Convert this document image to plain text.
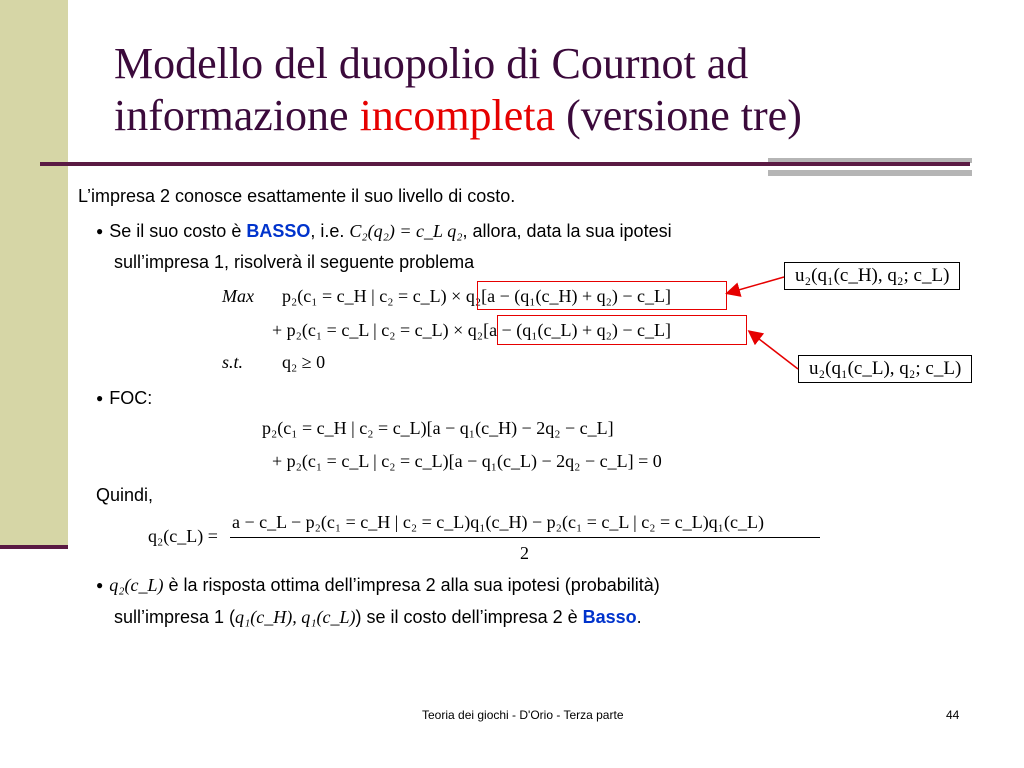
Modello del duopolio di Cournot ad
informazione incompleta (versione tre)
L’impresa 2 conosce esattamente il suo livello di costo.
● Se il suo costo è BASSO, i.e. C₂(q₂) = c_L q₂, allora, data la sua ipotesi
sull’impresa 1, risolverà il seguente problema
Max p₂(c₁ = c_H | c₂ = c_L) × q₂[a − (q₁(c_H) + q₂) − c_L]
+ p₂(c₁ = c_L | c₂ = c_L) × q₂[a − (q₁(c_L) + q₂) − c_L]
s.t. q₂ ≥ 0
u₂(q₁(c_H), q₂; c_L)
u₂(q₁(c_L), q₂; c_L)
● FOC:
p₂(c₁ = c_H | c₂ = c_L)[a − q₁(c_H) − 2q₂ − c_L]
+ p₂(c₁ = c_L | c₂ = c_L)[a − q₁(c_L) − 2q₂ − c_L] = 0
Quindi,
q₂(c_L) =
a − c_L − p₂(c₁ = c_H | c₂ = c_L)q₁(c_H) − p₂(c₁ = c_L | c₂ = c_L)q₁(c_L)
2
● q₂(c_L) è la risposta ottima dell’impresa 2 alla sua ipotesi (probabilità)
sull’impresa 1 (q₁(c_H), q₁(c_L)) se il costo dell’impresa 2 è Basso.
Teoria dei giochi - D'Orio - Terza parte	44
